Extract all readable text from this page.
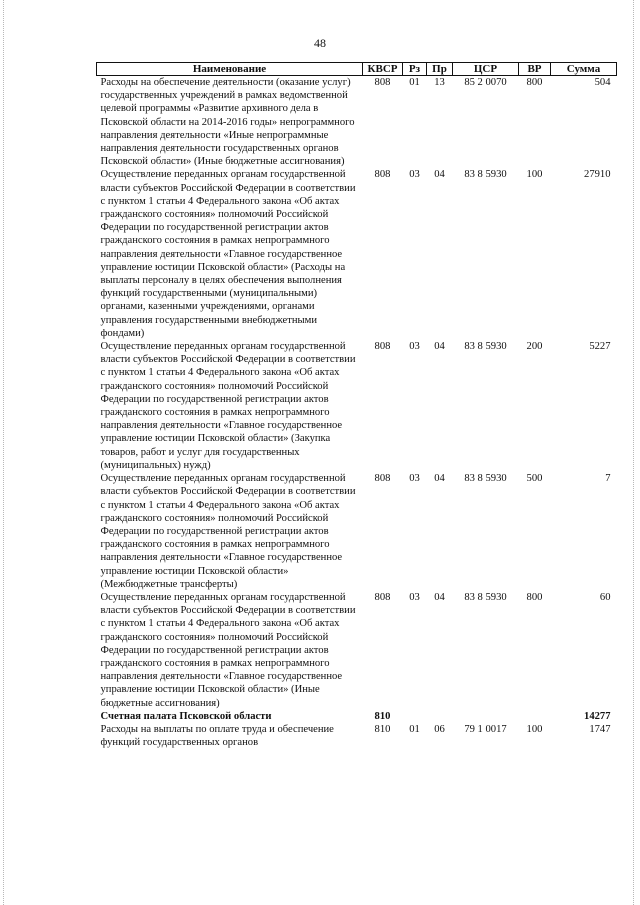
48
Наименование	КВСР	Рз	Пр	ЦСР	ВР	Сумма
Расходы на обеспечение деятельности (оказание услуг) государственных учреждений в рамках ведомственной целевой программы «Развитие архивного дела в Псковской области на 2014-2016 годы» непрограммного направления деятельности «Иные непрограммные направления деятельности государственных органов Псковской области» (Иные бюджетные ассигнования)	808	01	13	85 2 0070	800	504
Осуществление переданных органам государственной власти субъектов Российской Федерации в соответствии с пунктом 1 статьи 4 Федерального закона «Об актах гражданского состояния» полномочий Российской Федерации по государственной регистрации актов гражданского состояния в рамках непрограммного направления деятельности «Главное государственное управление юстиции Псковской области» (Расходы на выплаты персоналу в целях обеспечения выполнения функций государственными (муниципальными) органами, казенными учреждениями, органами управления государственными внебюджетными фондами)	808	03	04	83 8 5930	100	27910
Осуществление переданных органам государственной власти субъектов Российской Федерации в соответствии с пунктом 1 статьи 4 Федерального закона «Об актах гражданского состояния» полномочий Российской Федерации по государственной регистрации актов гражданского состояния в рамках непрограммного направления деятельности «Главное государственное управление юстиции Псковской области» (Закупка товаров, работ и услуг для государственных (муниципальных) нужд)	808	03	04	83 8 5930	200	5227
Осуществление переданных органам государственной власти субъектов Российской Федерации в соответствии с пунктом 1 статьи 4 Федерального закона «Об актах гражданского состояния» полномочий Российской Федерации по государственной регистрации актов гражданского состояния в рамках непрограммного направления деятельности «Главное государственное управление юстиции Псковской области» (Межбюджетные трансферты)	808	03	04	83 8 5930	500	7
Осуществление переданных органам государственной власти субъектов Российской Федерации в соответствии с пунктом 1 статьи 4 Федерального закона «Об актах гражданского состояния» полномочий Российской Федерации по государственной регистрации актов гражданского состояния в рамках непрограммного направления деятельности «Главное государственное управление юстиции Псковской области» (Иные бюджетные ассигнования)	808	03	04	83 8 5930	800	60
Счетная палата Псковской области	810					14277
Расходы на выплаты по оплате труда и обеспечение функций государственных органов	810	01	06	79 1 0017	100	1747
